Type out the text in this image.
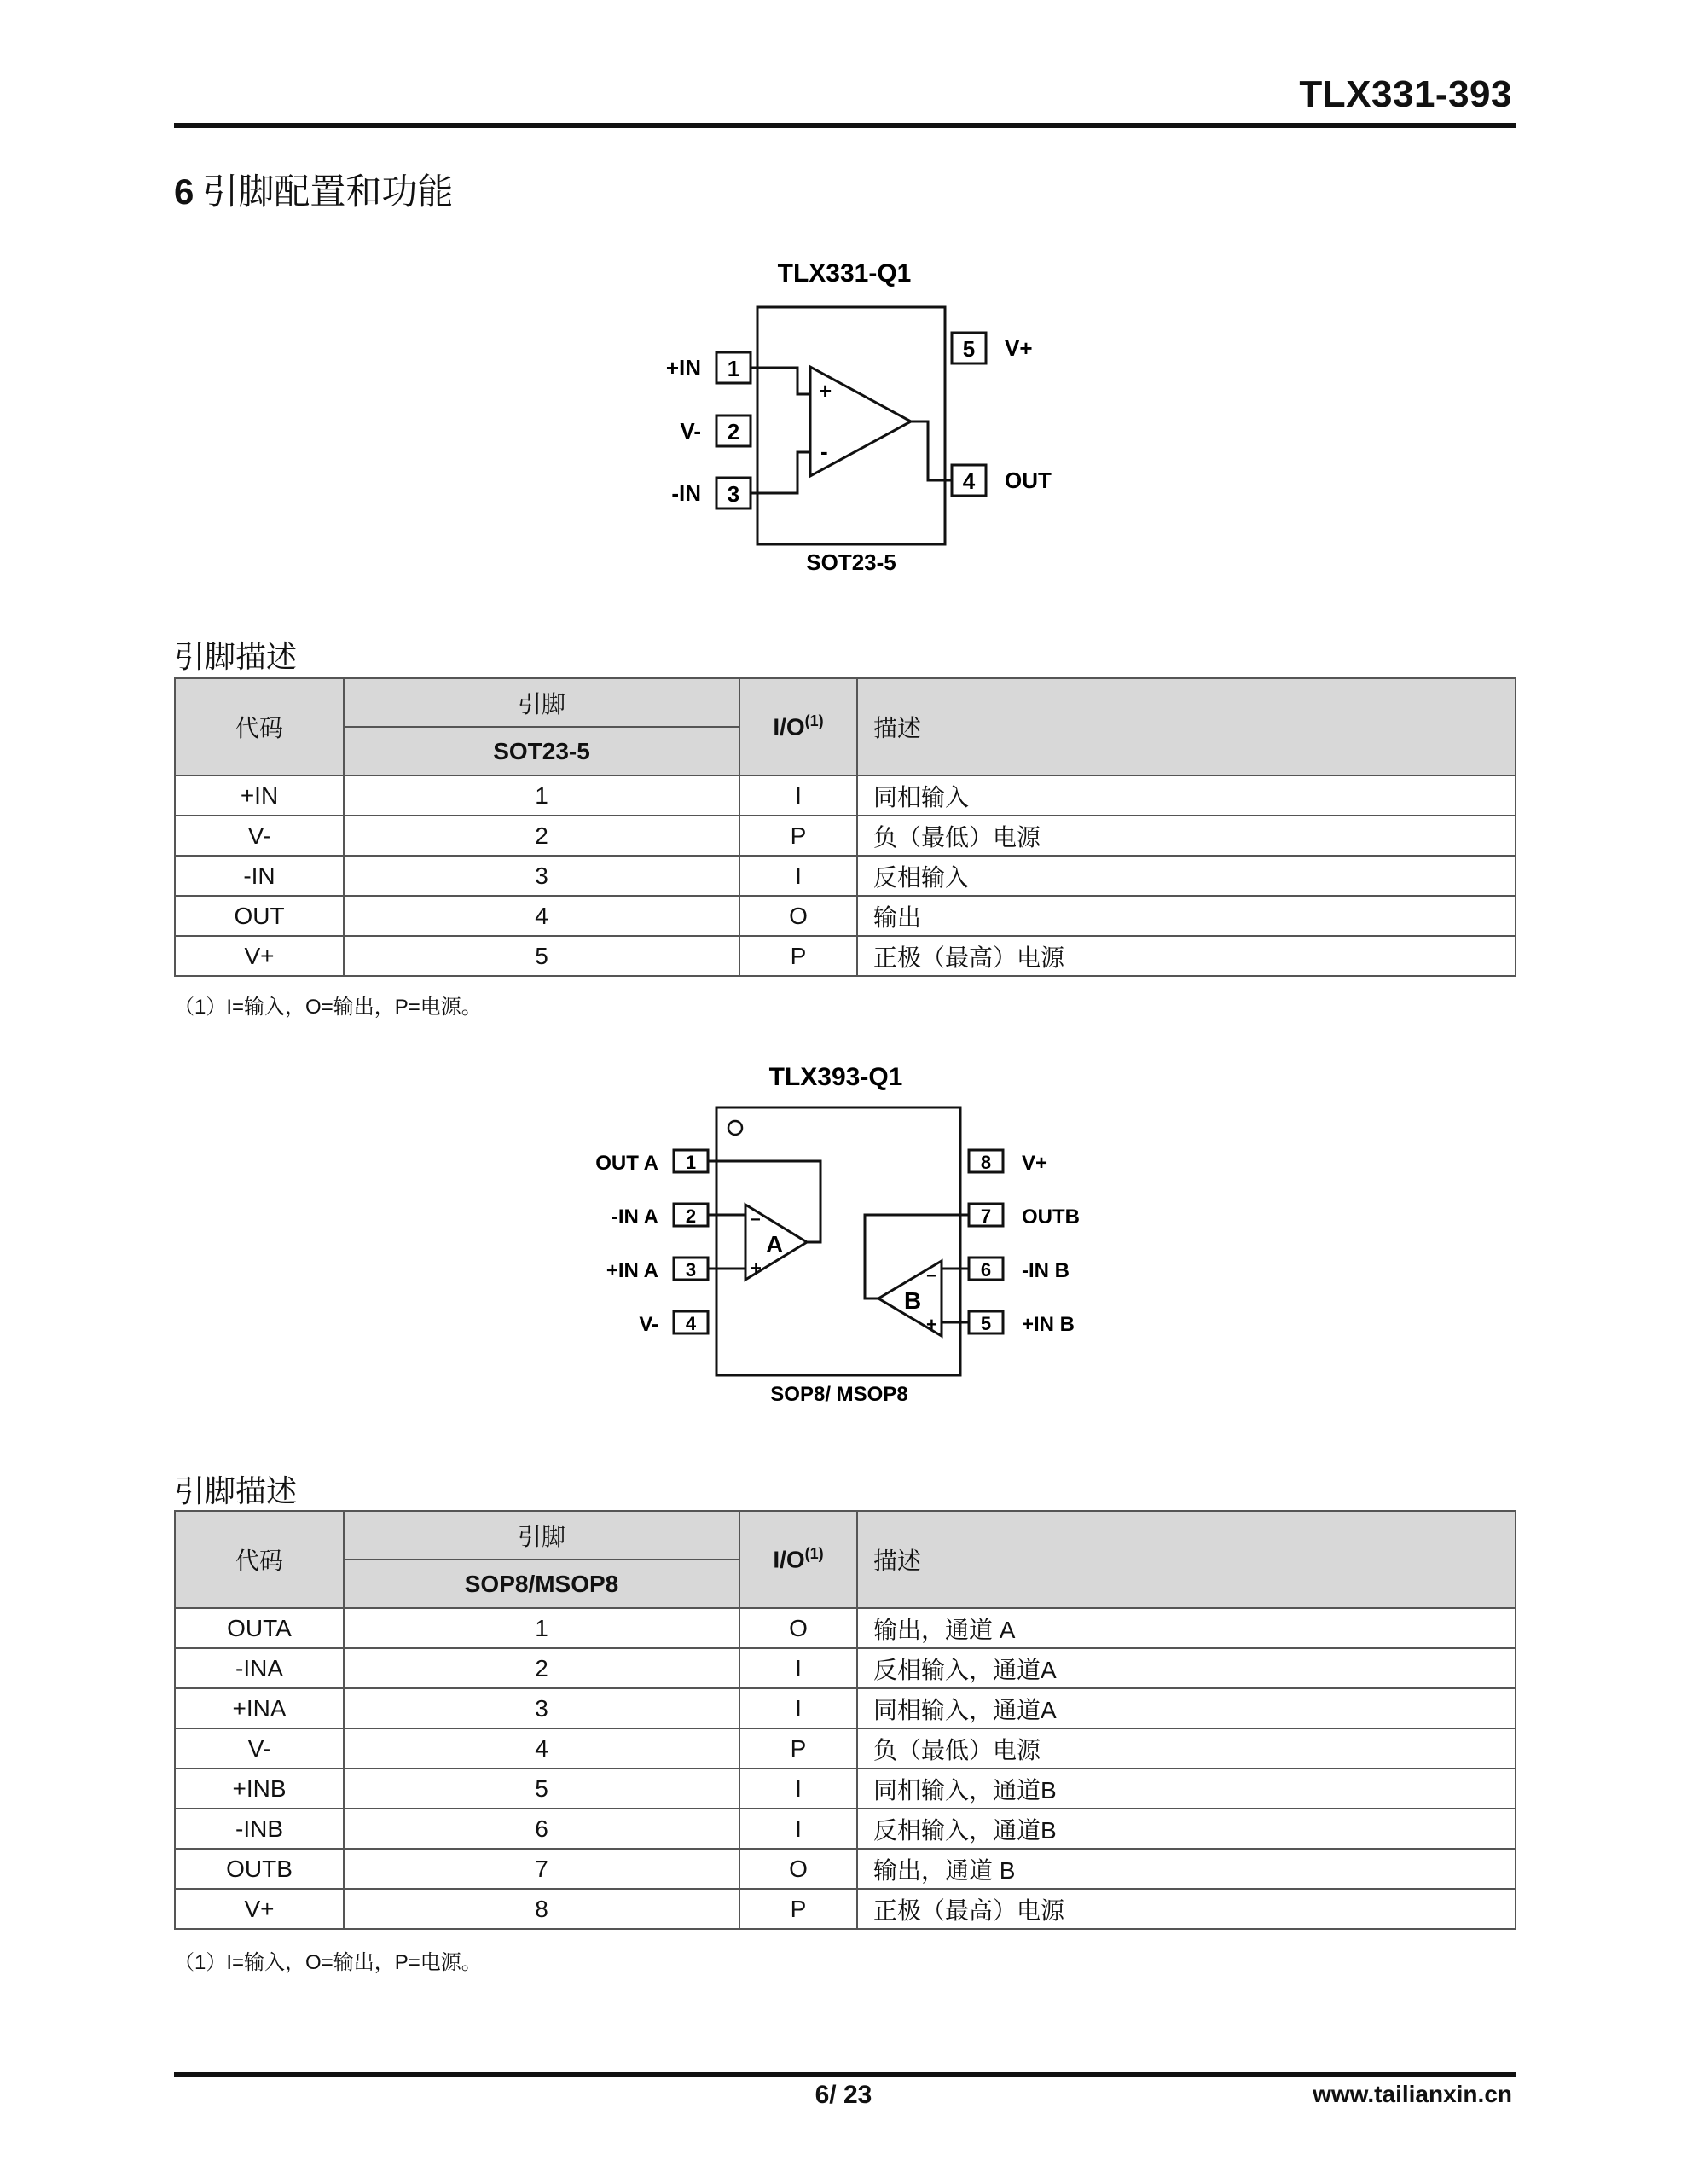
TLX331-393
6 引脚配置和功能
TLX331-Q1
1
2
3
+IN
V-
-IN
5
4
V+
OUT
+
-
SOT23-5
引脚描述
代码	引脚	$I/O^{(1)}$	描述
	SOT23-5		
+IN	1	I	同相输入
V-	2	P	负（最低）电源
-IN	3	I	反相输入
OUT	4	O	输出
V+	5	P	正极（最高）电源
（1）I=输入，O=输出，P=电源。
TLX393-Q1
1
2
3
4
OUT A
-IN A
+IN A
V-
8
7
6
5
V+
OUTB
-IN B
+IN B
A
−
+
B
−
+
SOP8/ MSOP8
引脚描述
代码	引脚	$I/O^{(1)}$	描述
	SOP8/MSOP8		
OUTA	1	O	输出，通道 A
-INA	2	I	反相输入，通道A
+INA	3	I	同相输入，通道A
V-	4	P	负（最低）电源
+INB	5	I	同相输入，通道B
-INB	6	I	反相输入，通道B
OUTB	7	O	输出，通道 B
V+	8	P	正极（最高）电源
（1）I=输入，O=输出，P=电源。
6/ 23	www.tailianxin.cn
